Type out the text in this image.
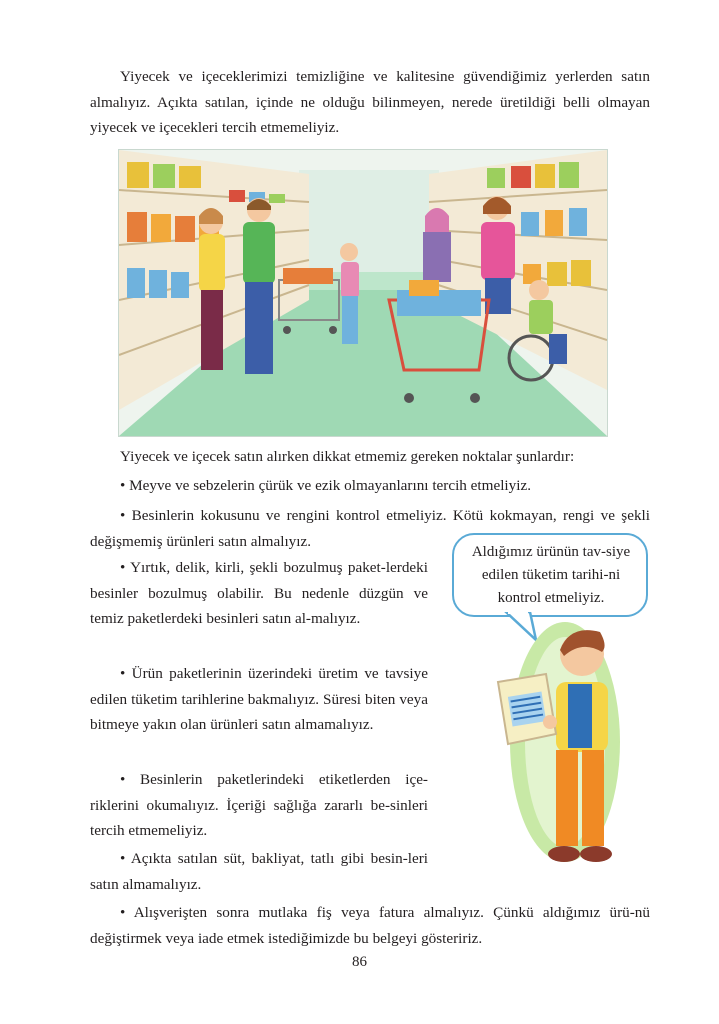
Yiyecek ve içeceklerimizi temizliğine ve kalitesine güvendiğimiz yerlerden satın almalıyız. Açıkta satılan, içinde ne olduğu bilinmeyen, nerede üretildiği belli olmayan yiyecek ve içecekleri tercih etmemeliyiz.

Yiyecek ve içecek satın alırken dikkat etmemiz gereken noktalar şunlardır:

• Meyve ve sebzelerin çürük ve ezik olmayanlarını tercih etmeliyiz.

• Besinlerin kokusunu ve rengini kontrol etmeliyiz. Kötü kokmayan, rengi ve şekli değişmemiş ürünleri satın almalıyız.

• Yırtık, delik, kirli, şekli bozulmuş paket-lerdeki besinler bozulmuş olabilir. Bu nedenle düzgün ve temiz paketlerdeki besinleri satın al-malıyız.

• Ürün paketlerinin üzerindeki üretim ve tavsiye edilen tüketim tarihlerine bakmalıyız. Süresi biten veya bitmeye yakın olan ürünleri satın almamalıyız.

• Besinlerin paketlerindeki etiketlerden içe-riklerini okumalıyız. İçeriği sağlığa zararlı be-sinleri tercih etmemeliyiz.

• Açıkta satılan süt, bakliyat, tatlı gibi besin-leri satın almamalıyız.

• Alışverişten sonra mutlaka fiş veya fatura almalıyız. Çünkü aldığımız ürü-nü değiştirmek veya iade etmek istediğimizde bu belgeyi gösteririz.

Aldığımız ürünün tav-siye edilen tüketim tarihi-ni kontrol etmeliyiz.
86
